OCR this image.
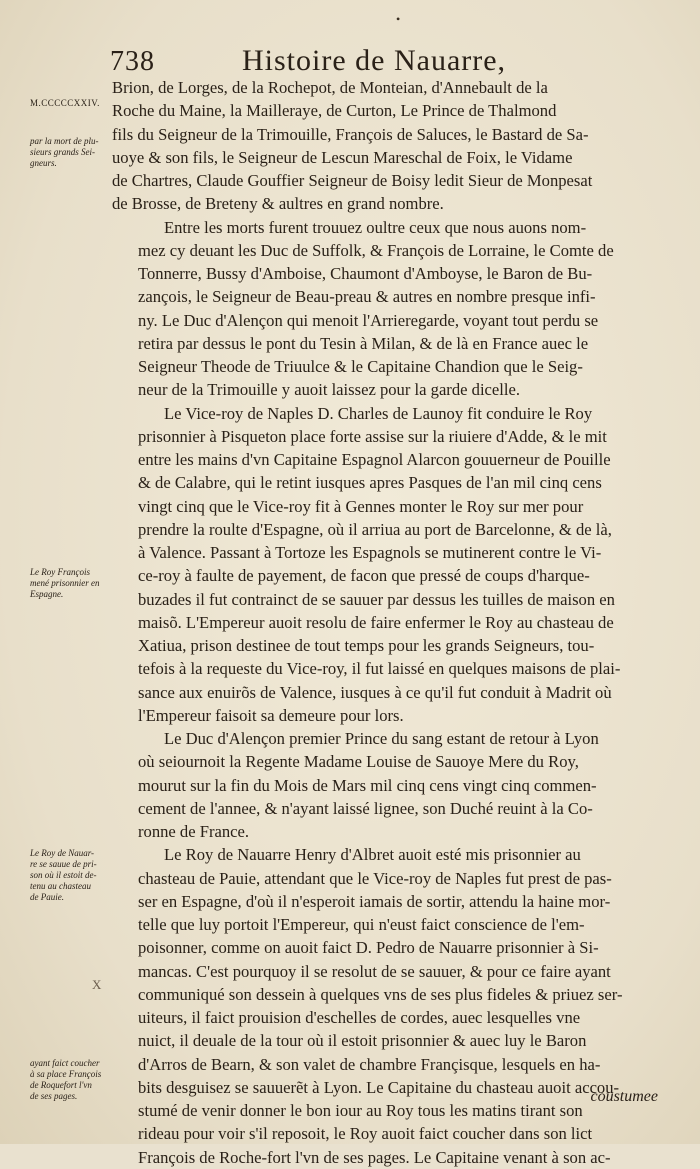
738	Histoire de Nauarre,
•
M.CCCCCXXIV.
par la mort de plu-
sieurs grands Sei-
gneurs.
Le Roy François
mené prisonnier en
Espagne.
Le Roy de Nauar-
re se sauue de pri-
son où il estoit de-
tenu au chasteau
de Pauie.
ayant faict coucher
à sa place François
de Roquefort l'vn
de ses pages.
X

Brion, de Lorges, de la Rochepot, de Monteian, d'Annebault de la
Roche du Maine, la Mailleraye, de Curton, Le Prince de Thalmond
fils du Seigneur de la Trimouille, François de Saluces, le Bastard de Sa-
uoye & son fils, le Seigneur de Lescun Mareschal de Foix, le Vidame
de Chartres, Claude Gouffier Seigneur de Boisy ledit Sieur de Monpesat
de Brosse, de Breteny & aultres en grand nombre.

Entre les morts furent trouuez oultre ceux que nous auons nom-
mez cy deuant les Duc de Suffolk, & François de Lorraine, le Comte de
Tonnerre, Bussy d'Amboise, Chaumont d'Amboyse, le Baron de Bu-
zançois, le Seigneur de Beau-preau & autres en nombre presque infi-
ny. Le Duc d'Alençon qui menoit l'Arrieregarde, voyant tout perdu se
retira par dessus le pont du Tesin à Milan, & de là en France auec le
Seigneur Theode de Triuulce & le Capitaine Chandion que le Seig-
neur de la Trimouille y auoit laissez pour la garde dicelle.

Le Vice-roy de Naples D. Charles de Launoy fit conduire le Roy
prisonnier à Pisqueton place forte assise sur la riuiere d'Adde, & le mit
entre les mains d'vn Capitaine Espagnol Alarcon gouuerneur de Pouille
& de Calabre, qui le retint iusques apres Pasques de l'an mil cinq cens
vingt cinq que le Vice-roy fit à Gennes monter le Roy sur mer pour
prendre la roulte d'Espagne, où il arriua au port de Barcelonne, & de là,
à Valence. Passant à Tortoze les Espagnols se mutinerent contre le Vi-
ce-roy à faulte de payement, de facon que pressé de coups d'harque-
buzades il fut contrainct de se sauuer par dessus les tuilles de maison en
maisõ. L'Empereur auoit resolu de faire enfermer le Roy au chasteau de
Xatiua, prison destinee de tout temps pour les grands Seigneurs, tou-
tefois à la requeste du Vice-roy, il fut laissé en quelques maisons de plai-
sance aux enuirõs de Valence, iusques à ce qu'il fut conduit à Madrit où
l'Empereur faisoit sa demeure pour lors.

Le Duc d'Alençon premier Prince du sang estant de retour à Lyon
où seiournoit la Regente Madame Louise de Sauoye Mere du Roy,
mourut sur la fin du Mois de Mars mil cinq cens vingt cinq commen-
cement de l'annee, & n'ayant laissé lignee, son Duché reuint à la Co-
ronne de France.

Le Roy de Nauarre Henry d'Albret auoit esté mis prisonnier au
chasteau de Pauie, attendant que le Vice-roy de Naples fut prest de pas-
ser en Espagne, d'où il n'esperoit iamais de sortir, attendu la haine mor-
telle que luy portoit l'Empereur, qui n'eust faict conscience de l'em-
poisonner, comme on auoit faict D. Pedro de Nauarre prisonnier à Si-
mancas. C'est pourquoy il se resolut de se sauuer, & pour ce faire ayant
communiqué son dessein à quelques vns de ses plus fideles & priuez ser-
uiteurs, il faict prouision d'eschelles de cordes, auec lesquelles vne
nuict, il deuale de la tour où il estoit prisonnier & auec luy le Baron
d'Arros de Bearn, & son valet de chambre Françisque, lesquels en ha-
bits desguisez se sauuerẽt à Lyon. Le Capitaine du chasteau auoit accou-
stumé de venir donner le bon iour au Roy tous les matins tirant son
rideau pour voir s'il reposoit, le Roy auoit faict coucher dans son lict
François de Roche-fort l'vn de ses pages. Le Capitaine venant à son ac-

coustumee
